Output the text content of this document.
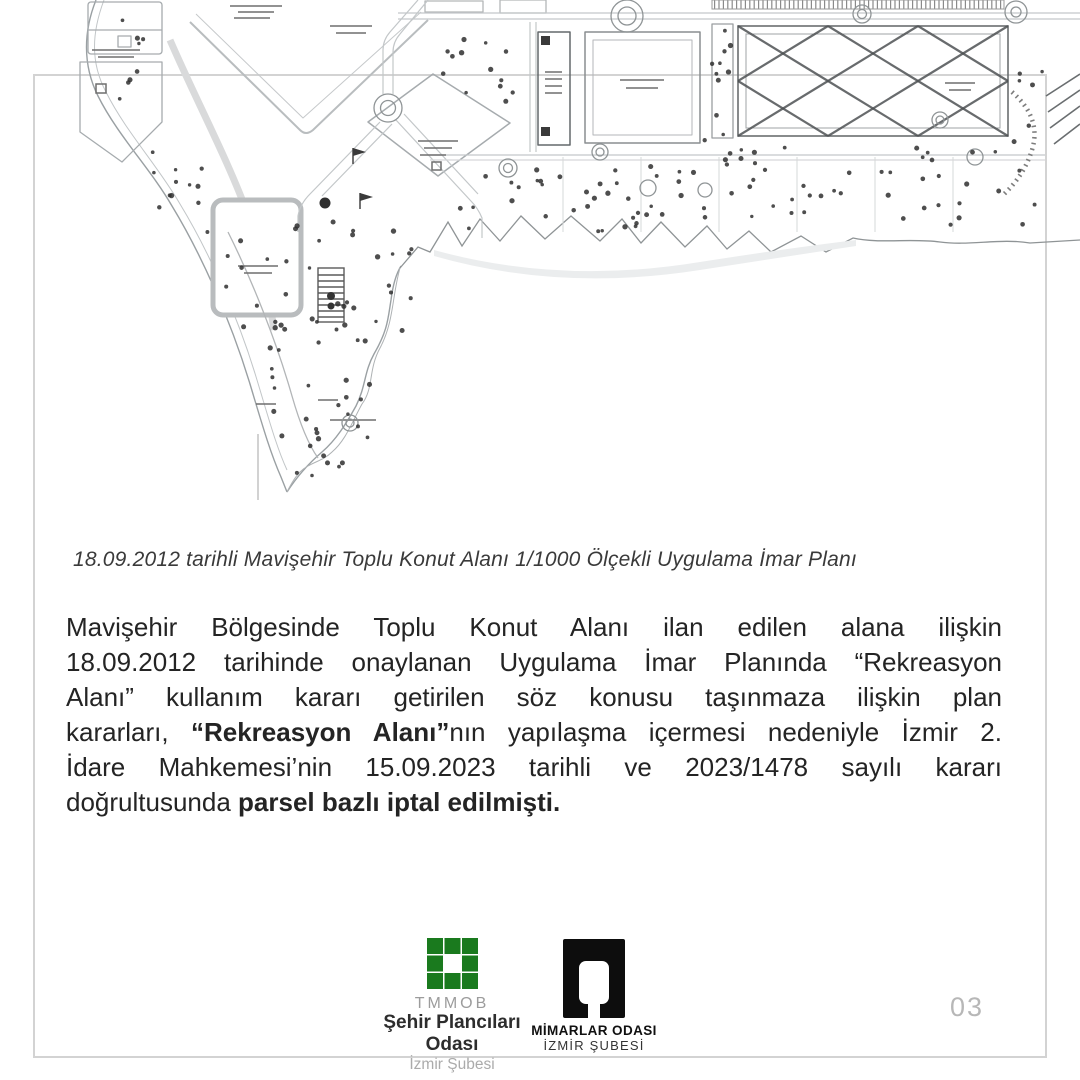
18.09.2012 tarihli Mavişehir Toplu Konut Alanı 1/1000 Ölçekli Uygulama İmar Planı
Mavişehir Bölgesinde Toplu Konut Alanı ilan edilen alana ilişkin
18.09.2012 tarihinde onaylanan Uygulama İmar Planında “Rekreasyon
Alanı” kullanım kararı getirilen söz konusu taşınmaza ilişkin plan
kararları, “Rekreasyon Alanı”nın yapılaşma içermesi nedeniyle İzmir 2.
İdare Mahkemesi’nin 15.09.2023 tarihli ve 2023/1478 sayılı kararı
doğrultusunda parsel bazlı iptal edilmişti.
TMMOB
Şehir Plancıları Odası
İzmir Şubesi
MİMARLAR ODASI
İZMİR ŞUBESİ
03
